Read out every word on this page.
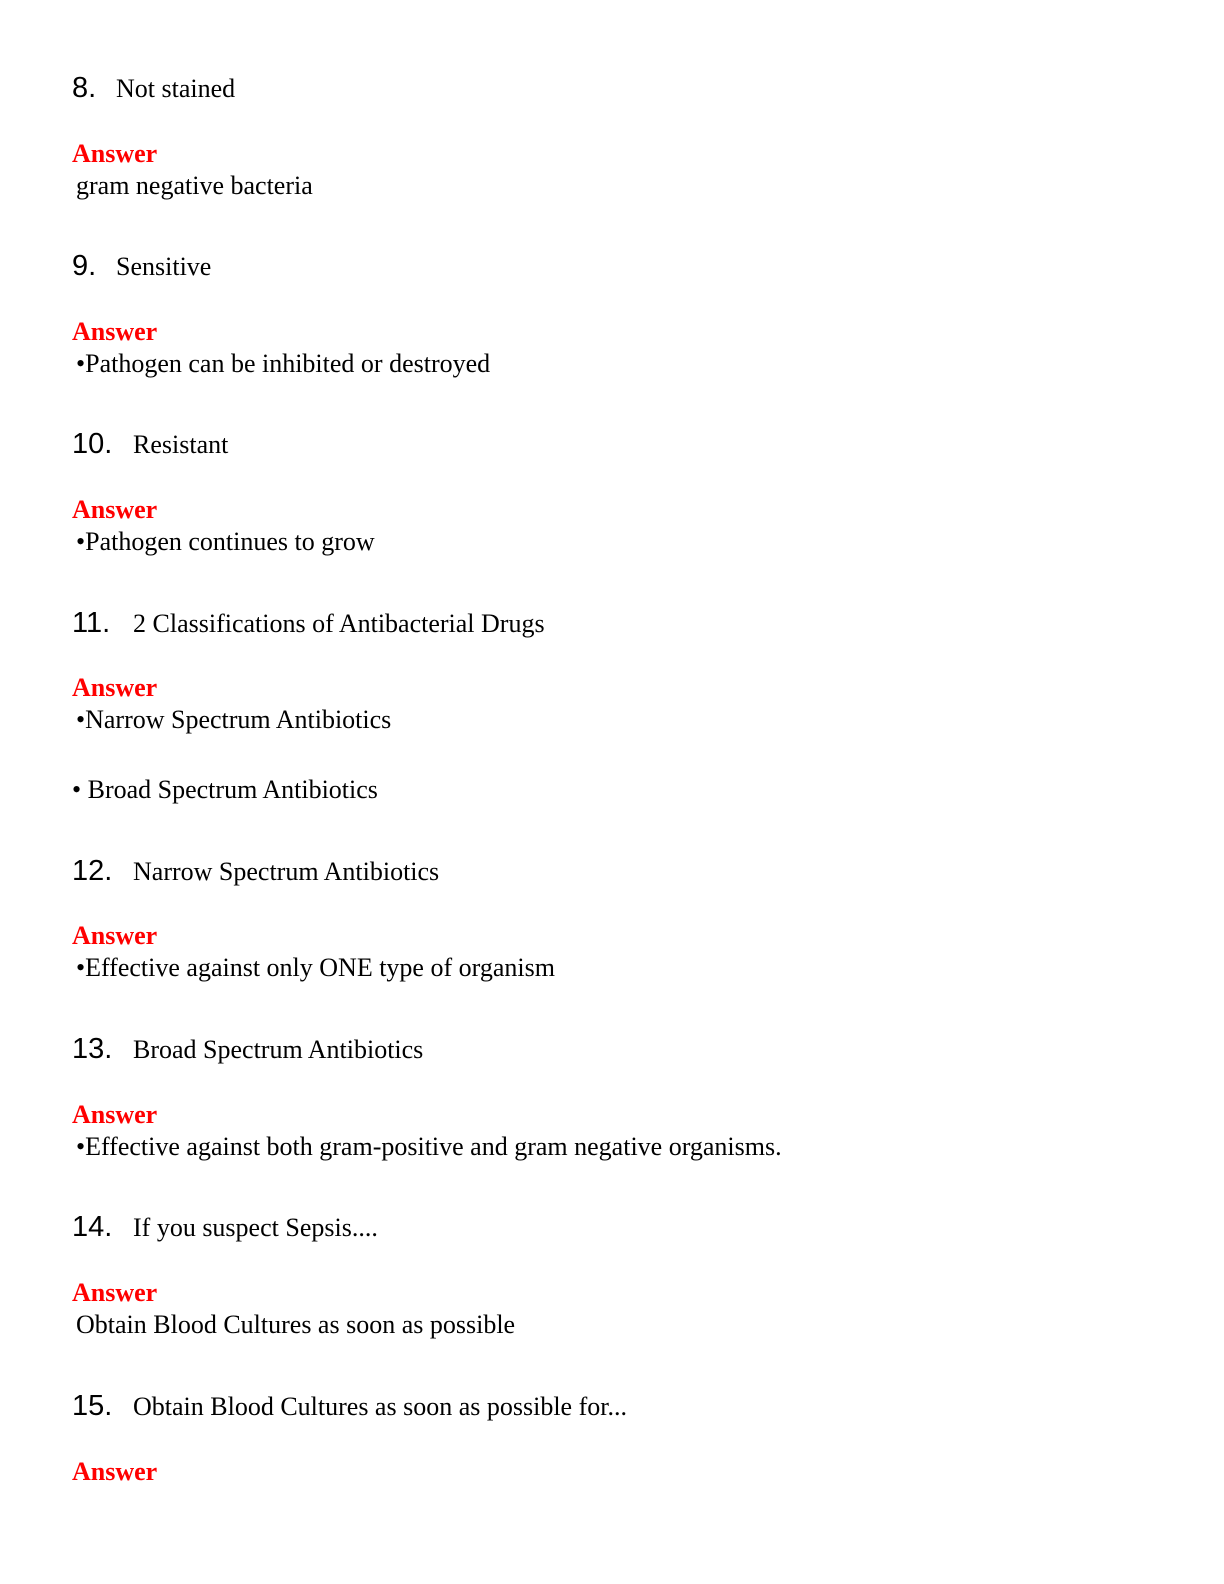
8. Not stained
Answer
gram negative bacteria
9. Sensitive
Answer
•Pathogen can be inhibited or destroyed
10. Resistant
Answer
•Pathogen continues to grow
11. 2 Classifications of Antibacterial Drugs
Answer
•Narrow Spectrum Antibiotics
• Broad Spectrum Antibiotics
12. Narrow Spectrum Antibiotics
Answer
•Effective against only ONE type of organism
13. Broad Spectrum Antibiotics
Answer
•Effective against both gram-positive and gram negative organisms.
14. If you suspect Sepsis....
Answer
Obtain Blood Cultures as soon as possible
15. Obtain Blood Cultures as soon as possible for...
Answer
